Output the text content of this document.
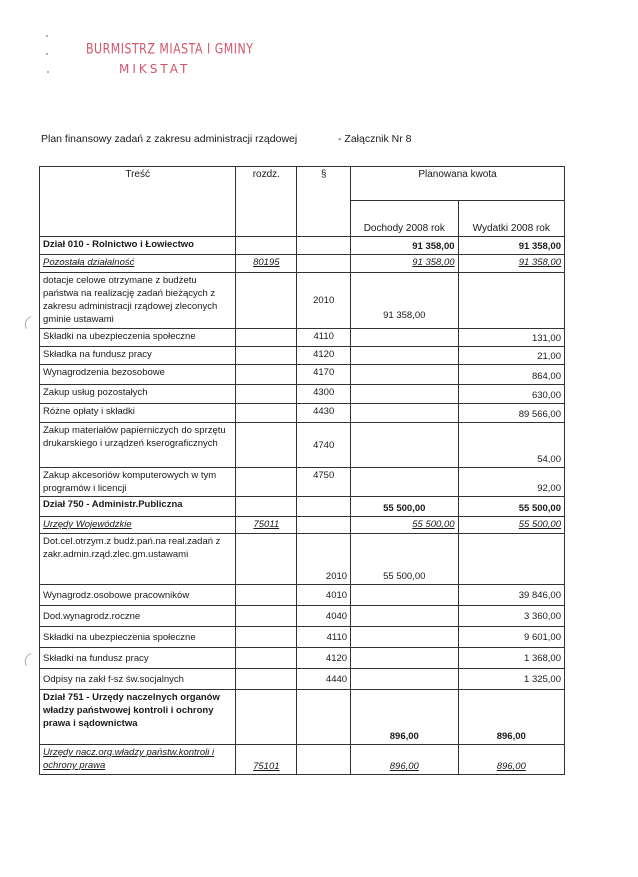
BURMISTRZ MIASTA I GMINY
MIKSTAT
Plan finansowy zadań z zakresu administracji rządowej	- Załącznik Nr 8
Treść	rozdz.	§	Planowana kwota	
			Dochody 2008 rok	Wydatki 2008 rok
Dział 010 - Rolnictwo i Łowiectwo			91 358,00	91 358,00
Pozostała działalność	80195		91 358,00	91 358,00
dotacje celowe otrzymane z budżetu państwa na realizację zadań bieżących z zakresu administracji rządowej zleconych gminie ustawami		2010	91 358,00	
Składki na ubezpieczenia społeczne		4110		131,00
Składka na fundusz pracy		4120		21,00
Wynagrodzenia bezosobowe		4170		864,00
Zakup usług pozostałych		4300		630,00
Różne opłaty i składki		4430		89 566,00
Zakup materiałów papierniczych do sprzętu drukarskiego i urządzeń kserograficznych		4740		54,00
Zakup akcesoriów komputerowych w tym programów i licencji		4750		92,00
Dział 750 - Administr.Publiczna			55 500,00	55 500,00
Urzędy Wojewódzkie	75011		55 500,00	55 500,00
Dot.cel.otrzym.z budż.pań.na real.zadań z zakr.admin.rząd.zlec.gm.ustawami		2010	55 500,00	
Wynagrodz.osobowe pracowników		4010		39 846,00
Dod.wynagrodz.roczne		4040		3 360,00
Składki na ubezpieczenia społeczne		4110		9 601,00
Składki na fundusz pracy		4120		1 368,00
Odpisy na zakł f-sz św.socjalnych		4440		1 325,00
Dział 751 - Urzędy naczelnych organów władzy państwowej kontroli i ochrony prawa i sądownictwa			896,00	896,00
Urzędy nacz.org.władzy państw.kontroli i ochrony prawa	75101		896,00	896,00
